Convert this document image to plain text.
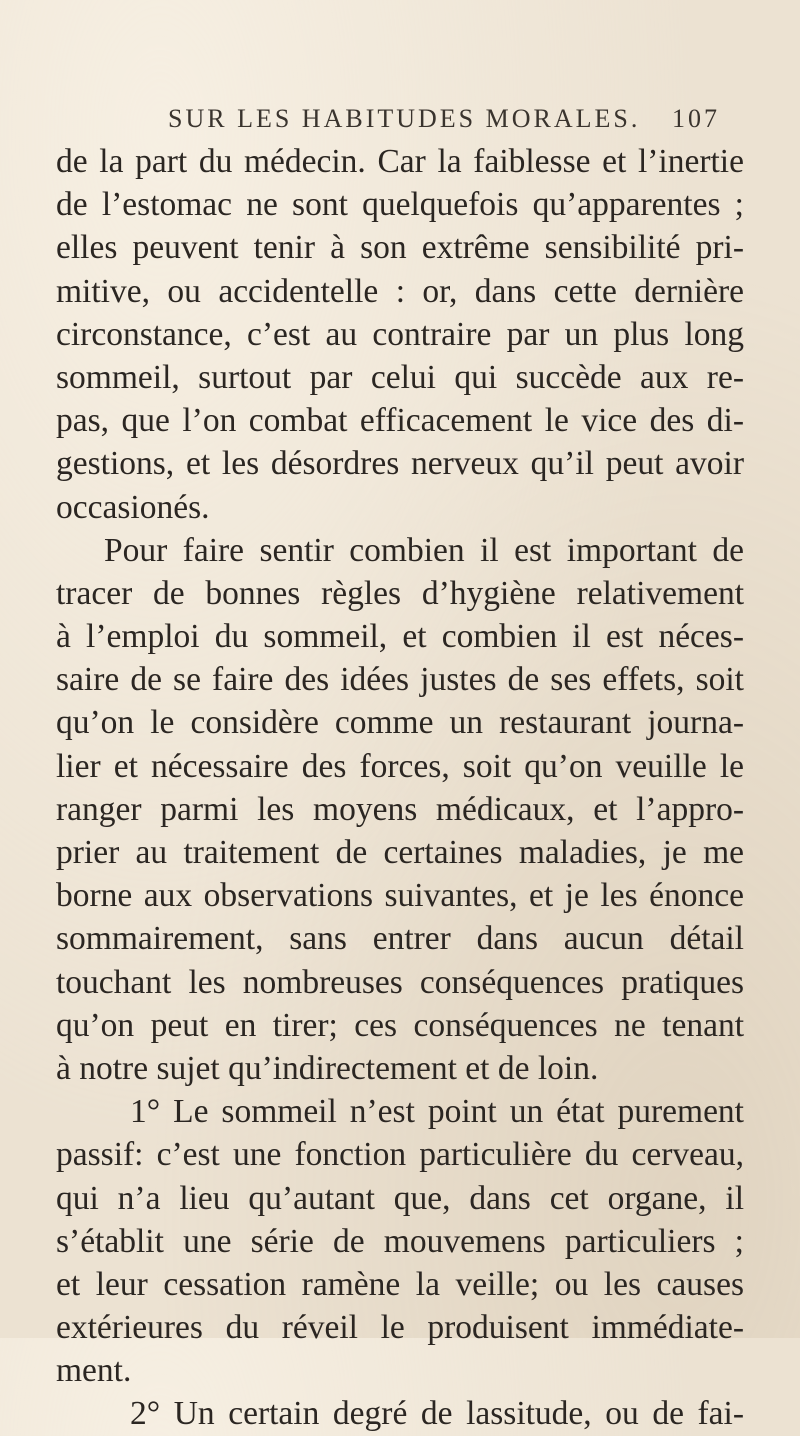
SUR LES HABITUDES MORALES. 107
de la part du médecin. Car la faiblesse et l’inertie
de l’estomac ne sont quelquefois qu’apparentes ;
elles peuvent tenir à son extrême sensibilité pri-
mitive, ou accidentelle : or, dans cette dernière
circonstance, c’est au contraire par un plus long
sommeil, surtout par celui qui succède aux re-
pas, que l’on combat efficacement le vice des di-
gestions, et les désordres nerveux qu’il peut avoir
occasionés.
Pour faire sentir combien il est important de
tracer de bonnes règles d’hygiène relativement
à l’emploi du sommeil, et combien il est néces-
saire de se faire des idées justes de ses effets, soit
qu’on le considère comme un restaurant journa-
lier et nécessaire des forces, soit qu’on veuille le
ranger parmi les moyens médicaux, et l’appro-
prier au traitement de certaines maladies, je me
borne aux observations suivantes, et je les énonce
sommairement, sans entrer dans aucun détail
touchant les nombreuses conséquences pratiques
qu’on peut en tirer; ces conséquences ne tenant
à notre sujet qu’indirectement et de loin.
1° Le sommeil n’est point un état purement
passif: c’est une fonction particulière du cerveau,
qui n’a lieu qu’autant que, dans cet organe, il
s’établit une série de mouvemens particuliers ;
et leur cessation ramène la veille; ou les causes
extérieures du réveil le produisent immédiate-
ment.
2° Un certain degré de lassitude, ou de fai-
